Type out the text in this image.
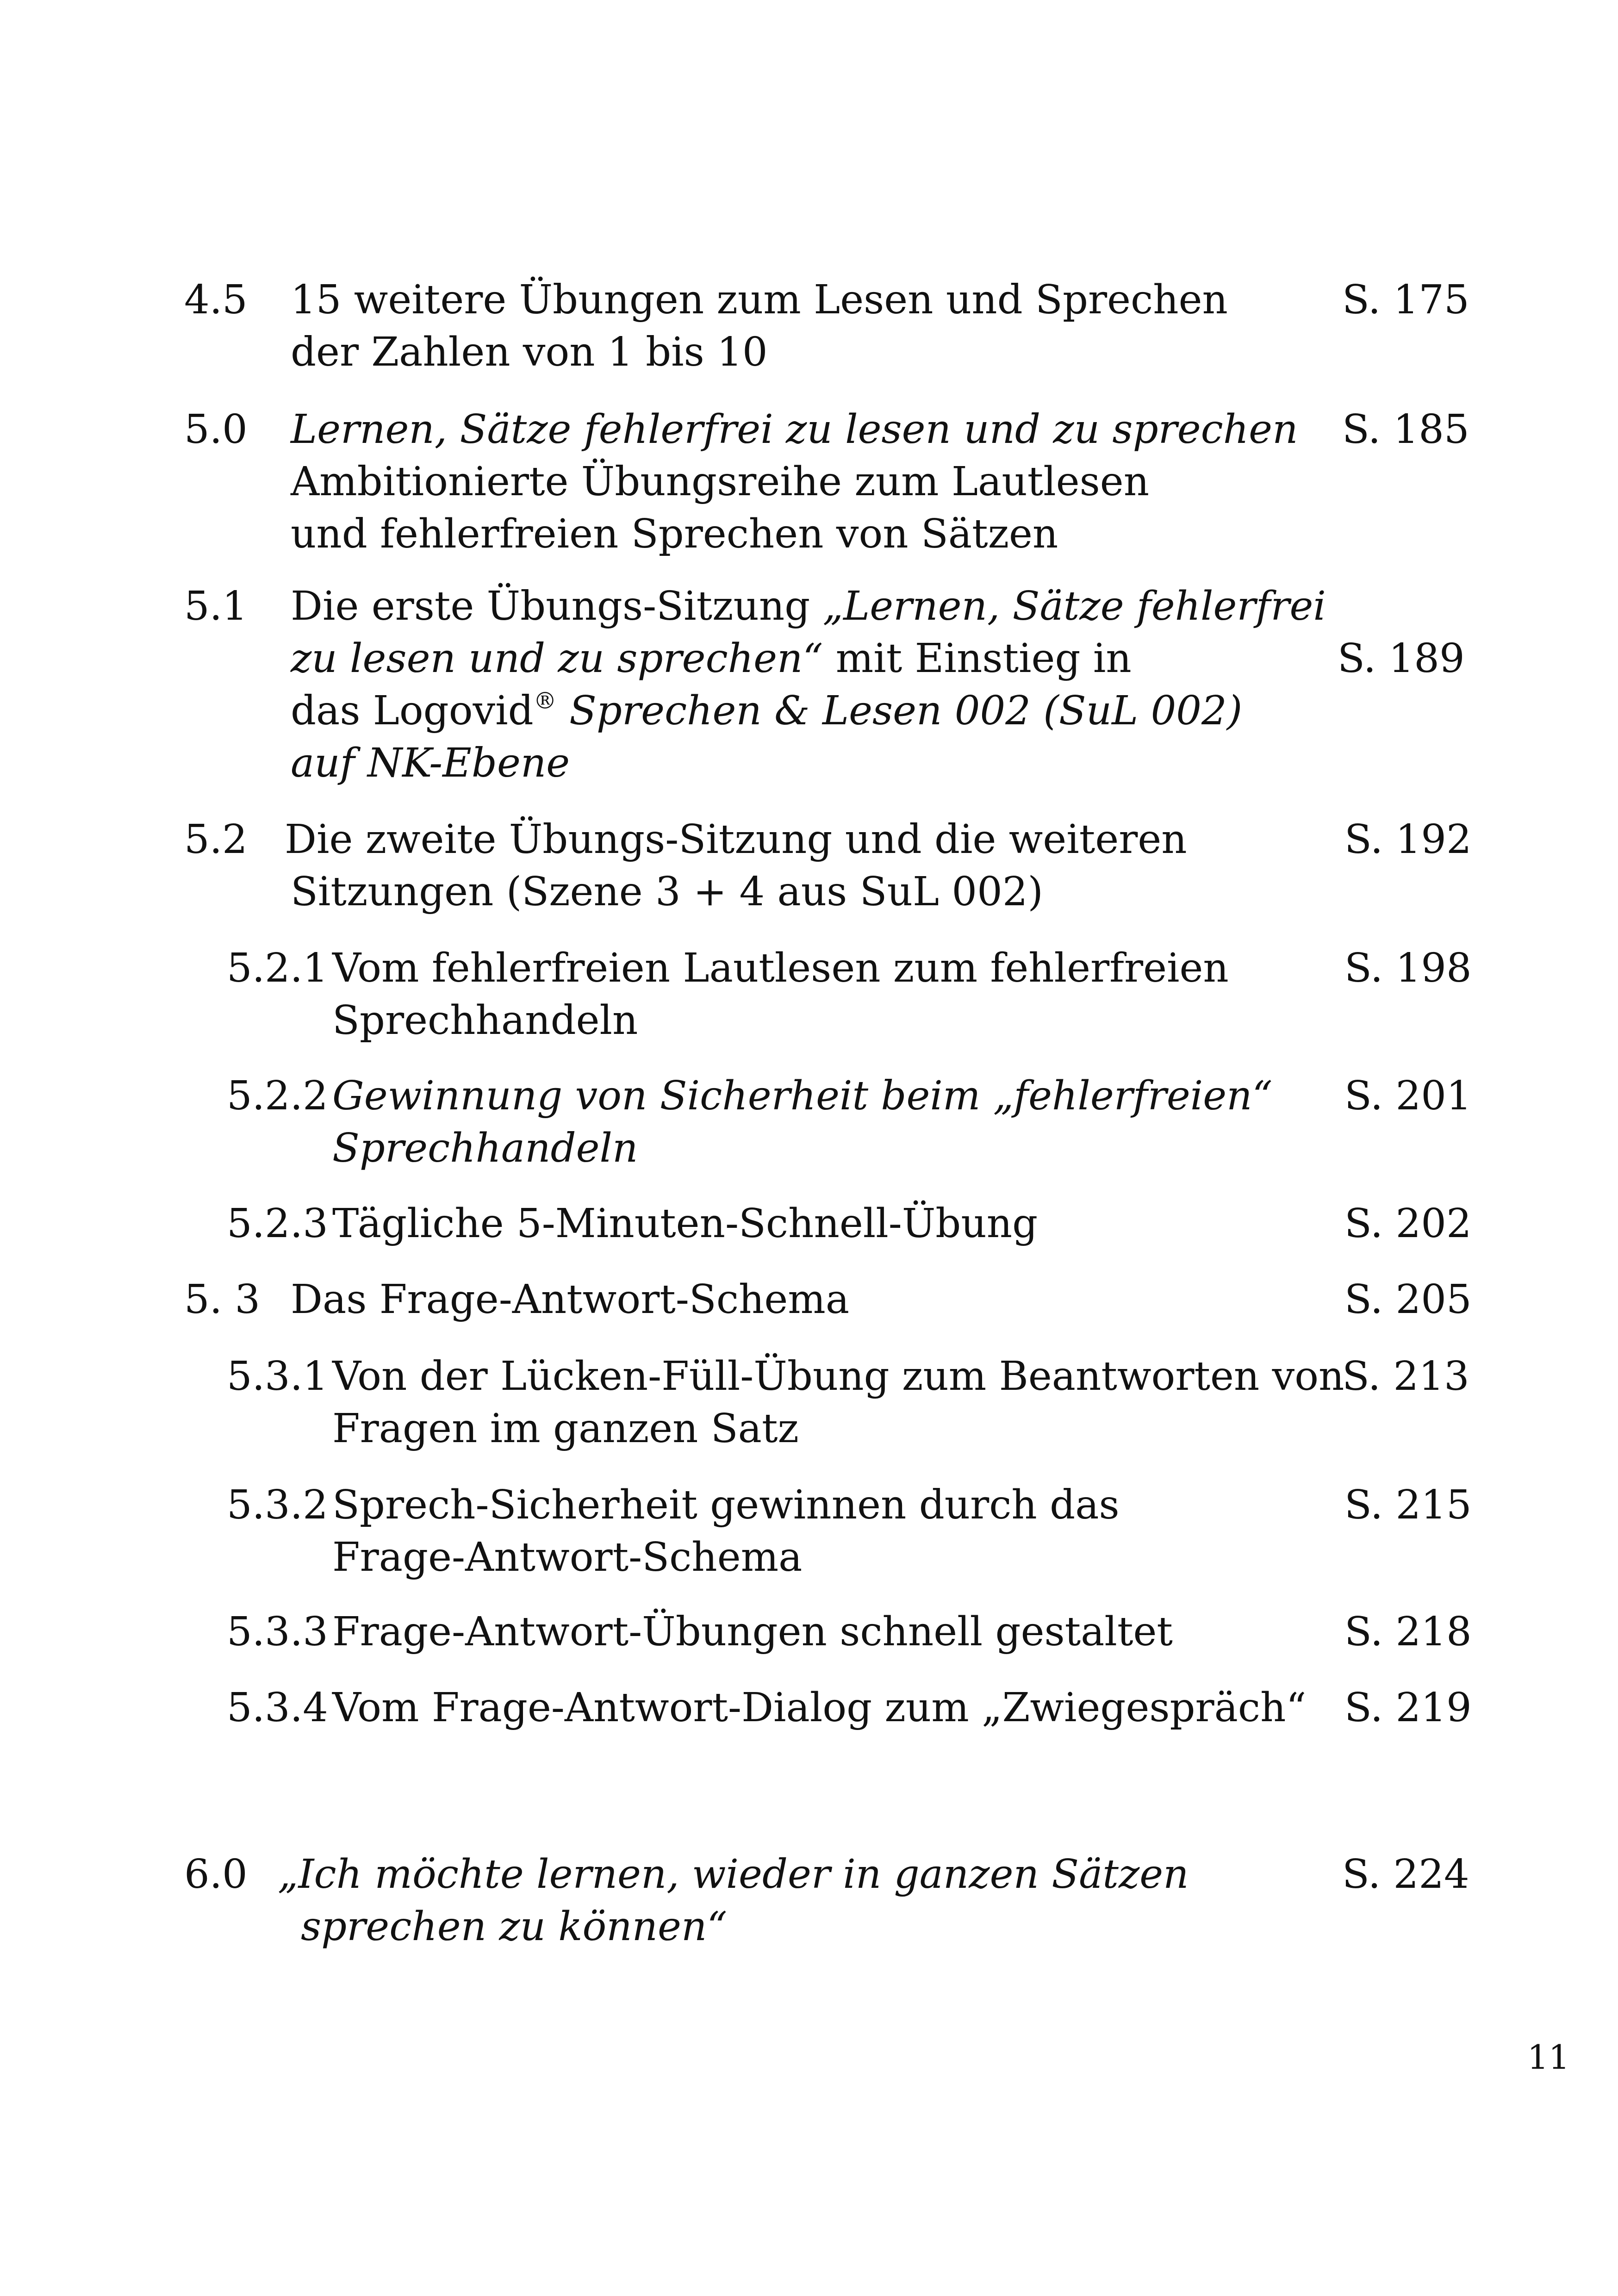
4.5 15 weitere Übungen zum Lesen und Sprechen
der Zahlen von 1 bis 10
S. 175
5.0 Lernen, Sätze fehlerfrei zu lesen und zu sprechen
Ambitionierte Übungsreihe zum Lautlesen
und fehlerfreien Sprechen von Sätzen
S. 185
5.1 Die erste Übungs-Sitzung „Lernen, Sätze fehlerfrei
zu lesen und zu sprechen“ mit Einstieg in
das Logovid® Sprechen & Lesen 002 (SuL 002)
auf NK-Ebene
S. 189
5.2 Die zweite Übungs-Sitzung und die weiteren
Sitzungen (Szene 3 + 4 aus SuL 002)
S. 192
5.2.1 Vom fehlerfreien Lautlesen zum fehlerfreien
Sprechhandeln
S. 198
5.2.2 Gewinnung von Sicherheit beim „fehlerfreien“
Sprechhandeln
S. 201
5.2.3 Tägliche 5-Minuten-Schnell-Übung	S. 202
5. 3 Das Frage-Antwort-Schema	S. 205
5.3.1 Von der Lücken-Füll-Übung zum Beantworten von
Fragen im ganzen Satz
S. 213
5.3.2 Sprech-Sicherheit gewinnen durch das
Frage-Antwort-Schema
S. 215
5.3.3 Frage-Antwort-Übungen schnell gestaltet	S. 218
5.3.4 Vom Frage-Antwort-Dialog zum „Zwiegespräch“ S. 219
6.0 „Ich möchte lernen, wieder in ganzen Sätzen
sprechen zu können“
S. 224
11
